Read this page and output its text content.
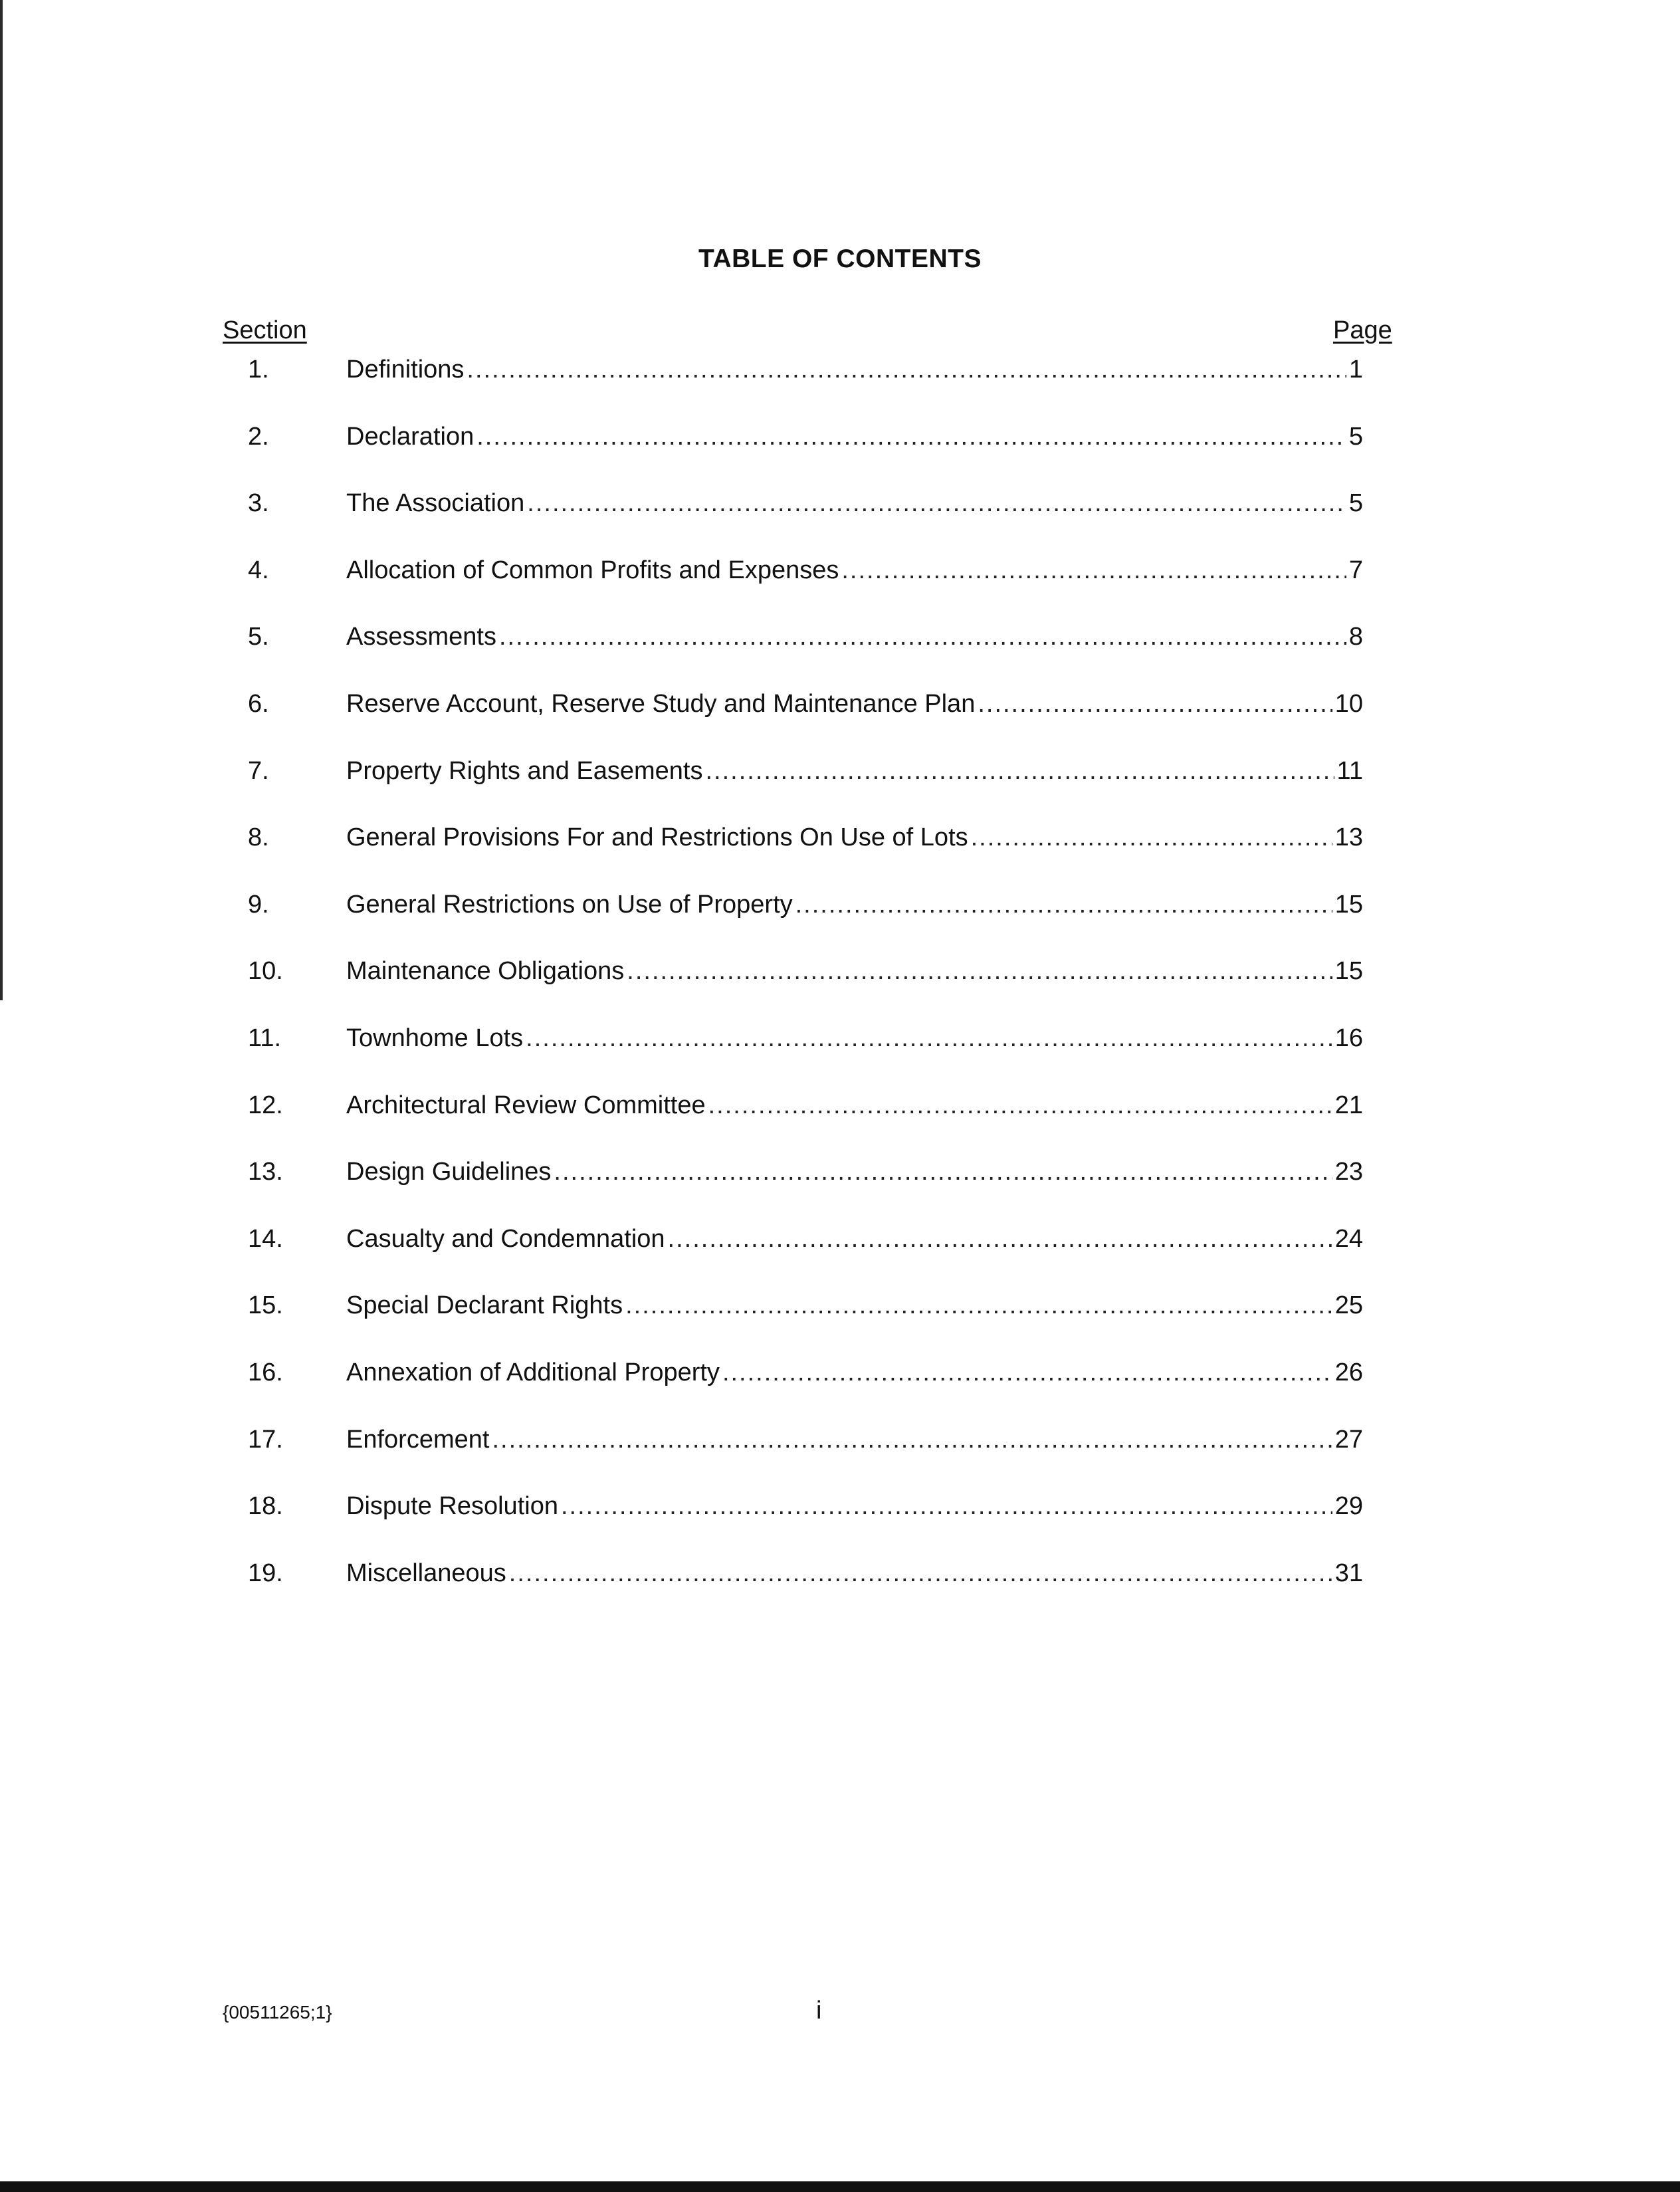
TABLE OF CONTENTS
Section	Page
1.	Definitions .....	1
2.	Declaration .....	5
3.	The Association .....	5
4.	Allocation of Common Profits and Expenses .....	7
5.	Assessments .....	8
6.	Reserve Account, Reserve Study and Maintenance Plan .....	10
7.	Property Rights and Easements .....	11
8.	General Provisions For and Restrictions On Use of Lots .....	13
9.	General Restrictions on Use of Property .....	15
10.	Maintenance Obligations .....	15
11.	Townhome Lots .....	16
12.	Architectural Review Committee .....	21
13.	Design Guidelines .....	23
14.	Casualty and Condemnation .....	24
15.	Special Declarant Rights .....	25
16.	Annexation of Additional Property .....	26
17.	Enforcement .....	27
18.	Dispute Resolution .....	29
19.	Miscellaneous .....	31
{00511265;1}	i
